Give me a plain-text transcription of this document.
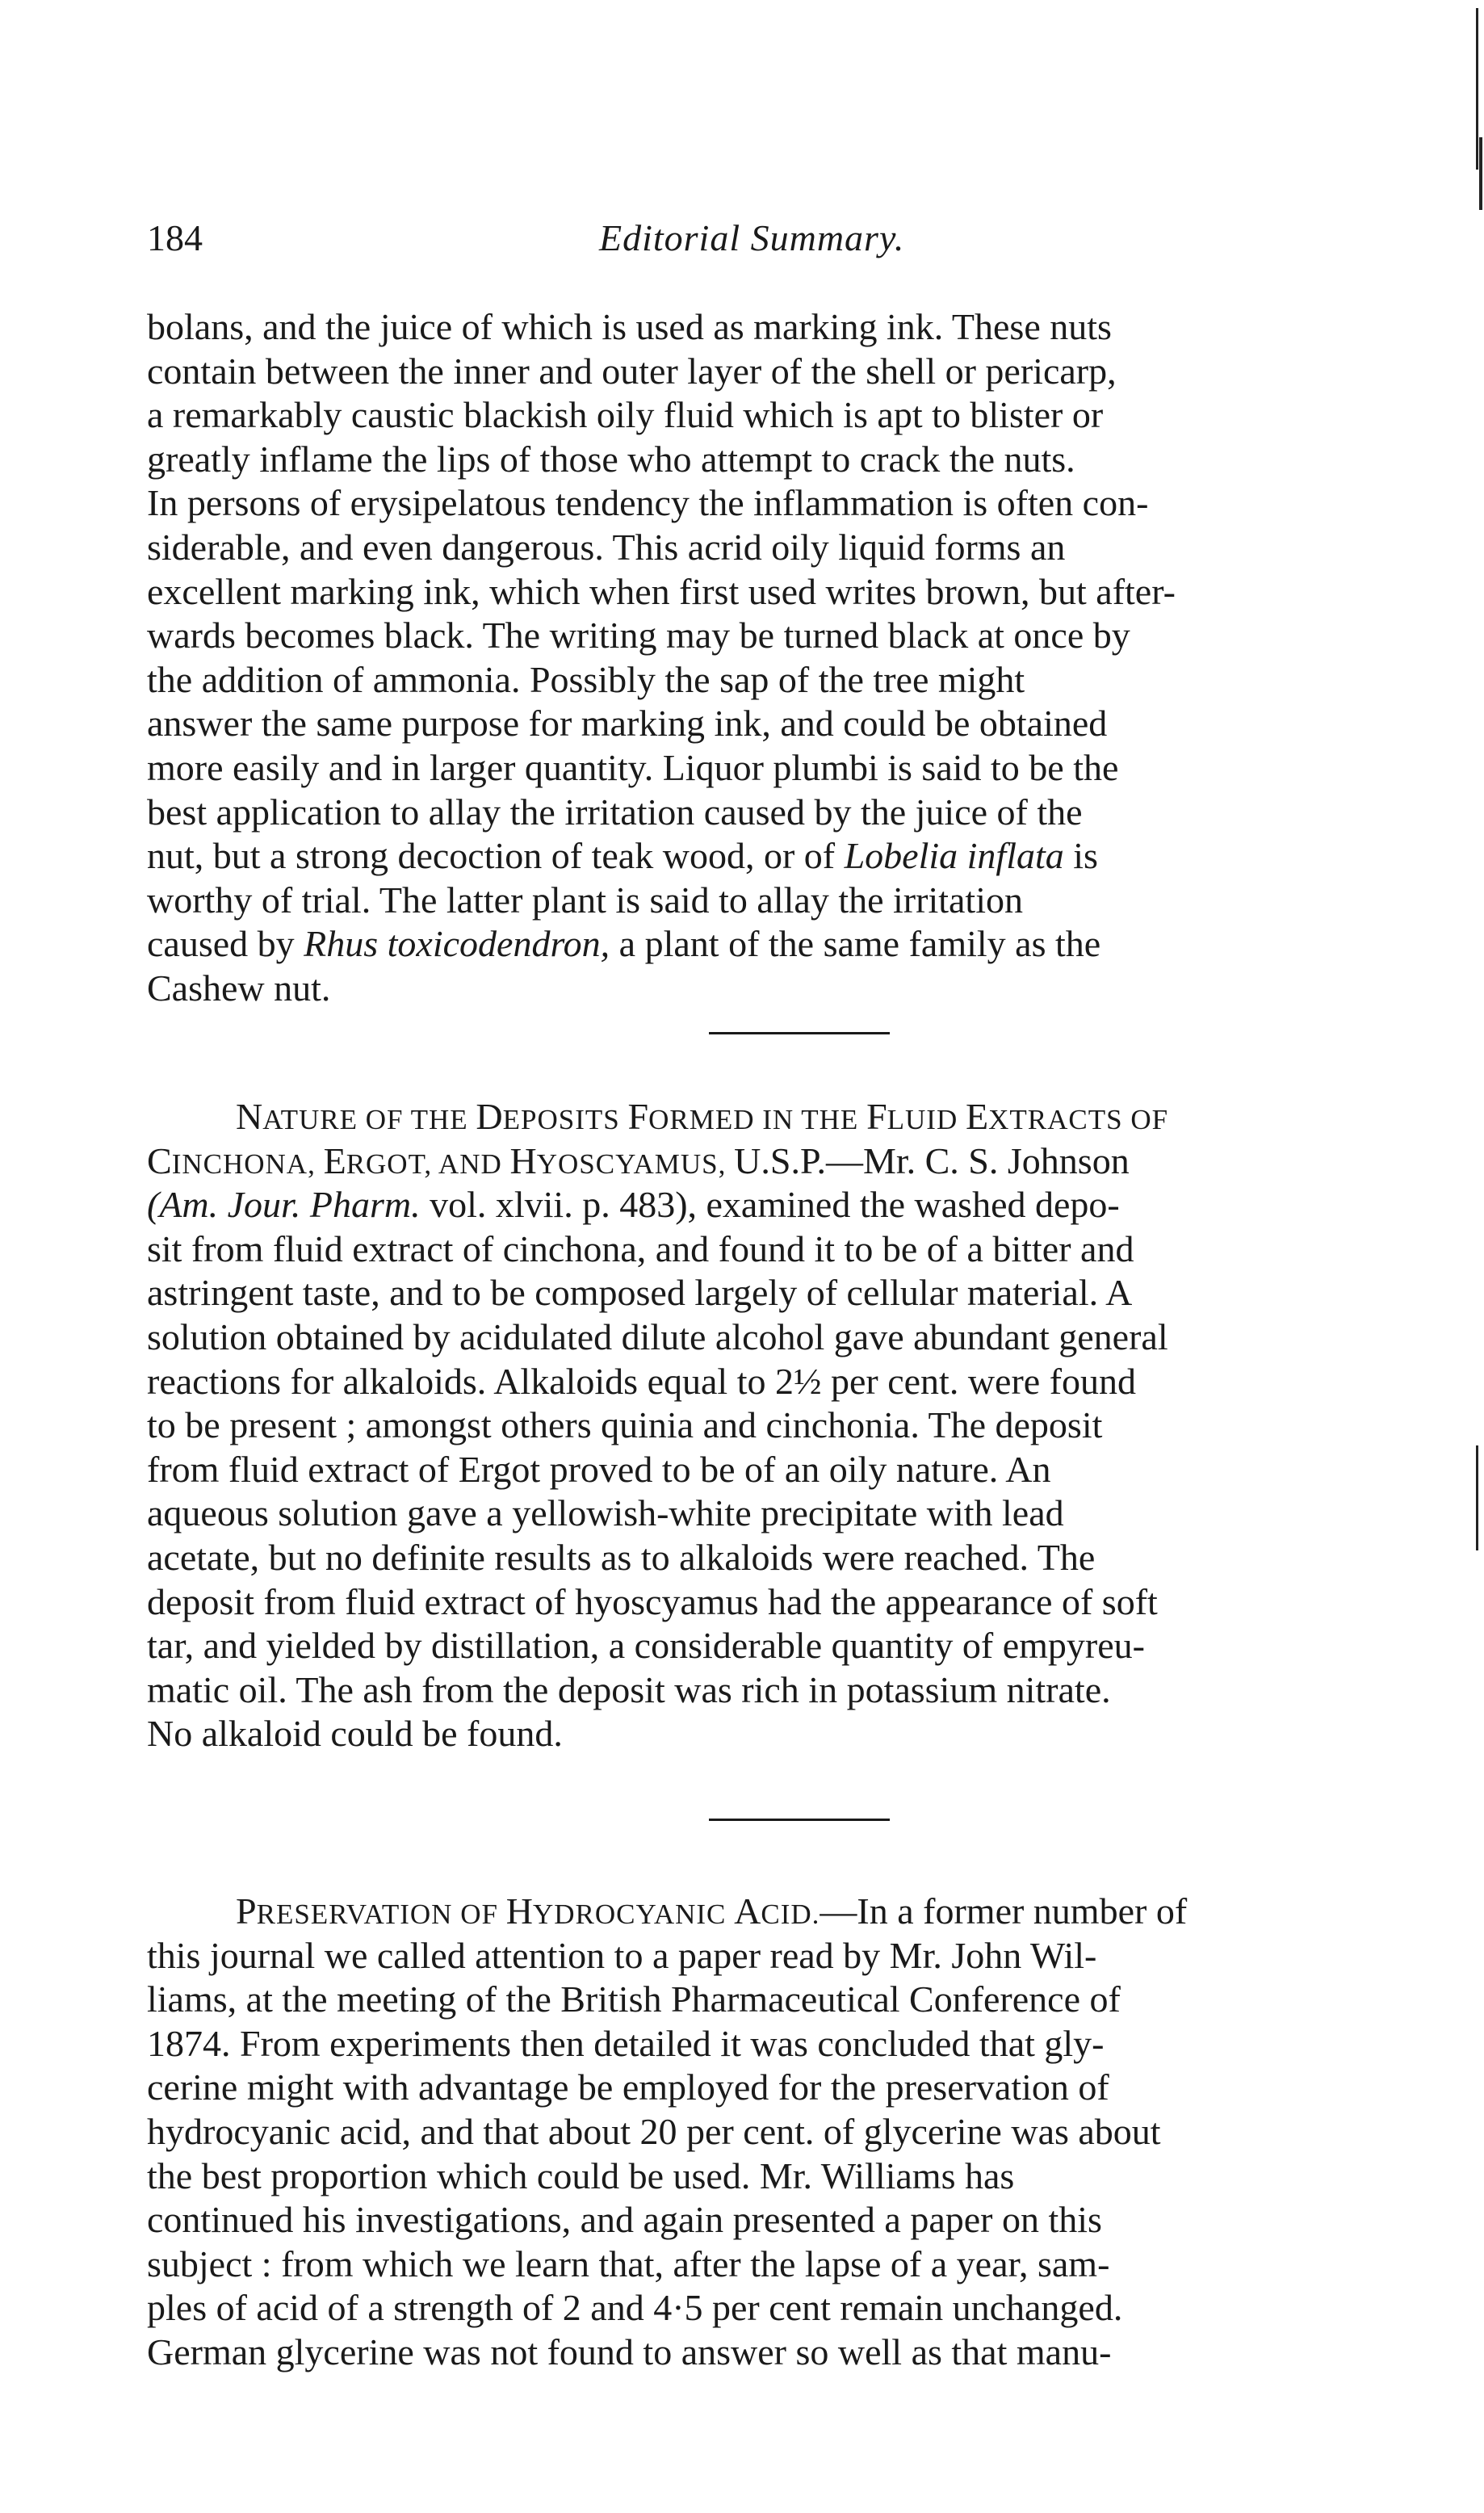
184	Editorial Summary.
bolans, and the juice of which is used as marking ink. These nuts
contain between the inner and outer layer of the shell or pericarp,
a remarkably caustic blackish oily fluid which is apt to blister or
greatly inflame the lips of those who attempt to crack the nuts.
In persons of erysipelatous tendency the inflammation is often con-
siderable, and even dangerous. This acrid oily liquid forms an
excellent marking ink, which when first used writes brown, but after-
wards becomes black. The writing may be turned black at once by
the addition of ammonia. Possibly the sap of the tree might
answer the same purpose for marking ink, and could be obtained
more easily and in larger quantity. Liquor plumbi is said to be the
best application to allay the irritation caused by the juice of the
nut, but a strong decoction of teak wood, or of Lobelia inflata is
worthy of trial. The latter plant is said to allay the irritation
caused by Rhus toxicodendron, a plant of the same family as the
Cashew nut.
NATURE OF THE DEPOSITS FORMED IN THE FLUID EXTRACTS OF
CINCHONA, ERGOT, AND HYOSCYAMUS, U.S.P.—Mr. C. S. Johnson
(Am. Jour. Pharm. vol. xlvii. p. 483), examined the washed depo-
sit from fluid extract of cinchona, and found it to be of a bitter and
astringent taste, and to be composed largely of cellular material. A
solution obtained by acidulated dilute alcohol gave abundant general
reactions for alkaloids. Alkaloids equal to 2½ per cent. were found
to be present ; amongst others quinia and cinchonia. The deposit
from fluid extract of Ergot proved to be of an oily nature. An
aqueous solution gave a yellowish-white precipitate with lead
acetate, but no definite results as to alkaloids were reached. The
deposit from fluid extract of hyoscyamus had the appearance of soft
tar, and yielded by distillation, a considerable quantity of empyreu-
matic oil. The ash from the deposit was rich in potassium nitrate.
No alkaloid could be found.
PRESERVATION OF HYDROCYANIC ACID.—In a former number of
this journal we called attention to a paper read by Mr. John Wil-
liams, at the meeting of the British Pharmaceutical Conference of
1874. From experiments then detailed it was concluded that gly-
cerine might with advantage be employed for the preservation of
hydrocyanic acid, and that about 20 per cent. of glycerine was about
the best proportion which could be used. Mr. Williams has
continued his investigations, and again presented a paper on this
subject : from which we learn that, after the lapse of a year, sam-
ples of acid of a strength of 2 and 4·5 per cent remain unchanged.
German glycerine was not found to answer so well as that manu-
